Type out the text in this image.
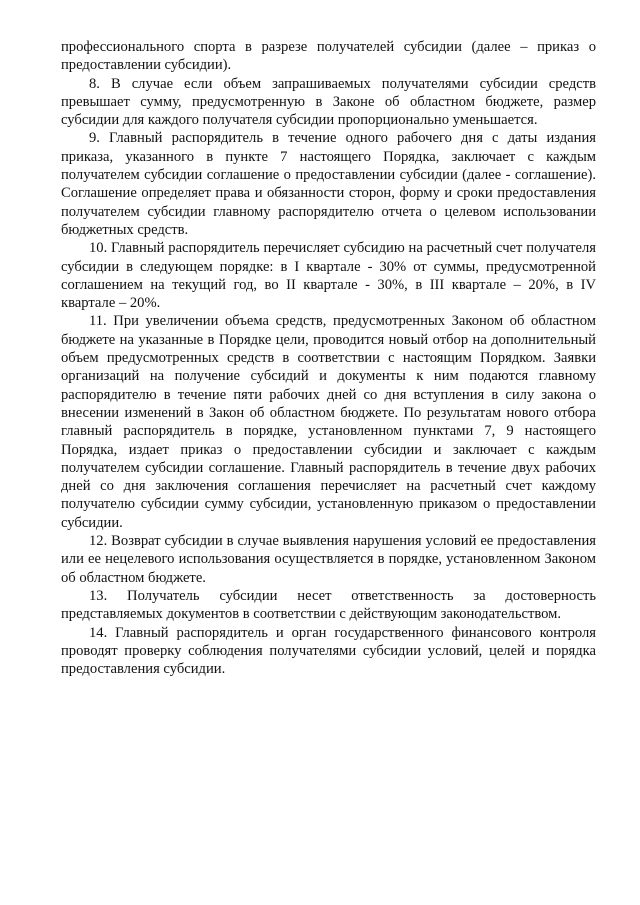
профессионального спорта в разрезе получателей субсидии (далее – приказ о предоставлении субсидии).

8. В случае если объем запрашиваемых получателями субсидии средств превышает сумму, предусмотренную в Законе об областном бюджете, размер субсидии для каждого получателя субсидии пропорционально уменьшается.

9. Главный распорядитель в течение одного рабочего дня с даты издания приказа, указанного в пункте 7 настоящего Порядка, заключает с каждым получателем субсидии соглашение о предоставлении субсидии (далее - соглашение). Соглашение определяет права и обязанности сторон, форму и сроки предоставления получателем субсидии главному распорядителю отчета о целевом использовании бюджетных средств.

10. Главный распорядитель перечисляет субсидию на расчетный счет получателя субсидии в следующем порядке: в I квартале - 30% от суммы, предусмотренной соглашением на текущий год, во II квартале - 30%, в III квартале – 20%, в IV квартале – 20%.

11. При увеличении объема средств, предусмотренных Законом об областном бюджете на указанные в Порядке цели, проводится новый отбор на дополнительный объем предусмотренных средств в соответствии с настоящим Порядком. Заявки организаций на получение субсидий и документы к ним подаются главному распорядителю в течение пяти рабочих дней со дня вступления в силу закона о внесении изменений в Закон об областном бюджете. По результатам нового отбора главный распорядитель в порядке, установленном пунктами 7, 9 настоящего Порядка, издает приказ о предоставлении субсидии и заключает с каждым получателем субсидии соглашение. Главный распорядитель в течение двух рабочих дней со дня заключения соглашения перечисляет на расчетный счет каждому получателю субсидии сумму субсидии, установленную приказом о предоставлении субсидии.

12. Возврат субсидии в случае выявления нарушения условий ее предоставления или ее нецелевого использования осуществляется в порядке, установленном Законом об областном бюджете.

13. Получатель субсидии несет ответственность за достоверность представляемых документов в соответствии с действующим законодательством.

14. Главный распорядитель и орган государственного финансового контроля проводят проверку соблюдения получателями субсидии условий, целей и порядка предоставления субсидии.
